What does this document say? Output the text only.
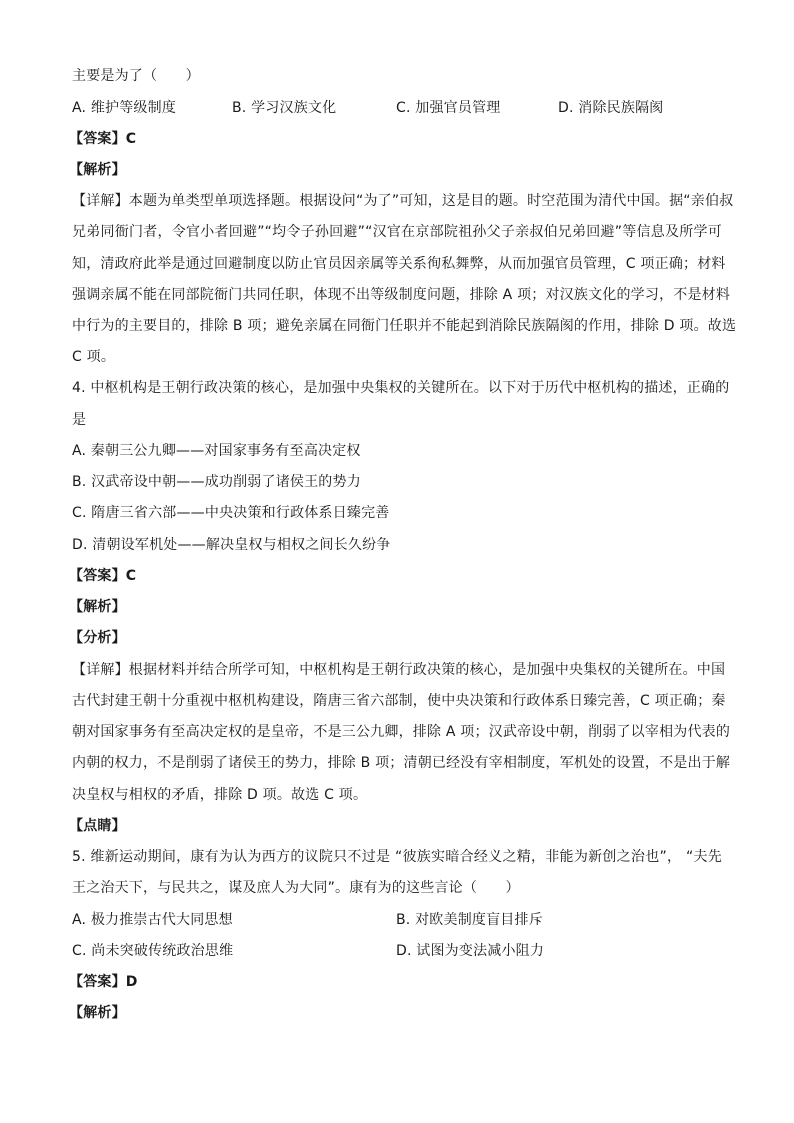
主要是为了（　　）
A. 维护等级制度	B. 学习汉族文化	C. 加强官员管理	D. 消除民族隔阂
【答案】C
【解析】
【详解】本题为单类型单项选择题。根据设问“为了”可知，这是目的题。时空范围为清代中国。据“亲伯叔
兄弟同衙门者，令官小者回避”“均令子孙回避”“汉官在京部院祖孙父子亲叔伯兄弟回避”等信息及所学可
知，清政府此举是通过回避制度以防止官员因亲属等关系徇私舞弊，从而加强官员管理，C 项正确；材料
强调亲属不能在同部院衙门共同任职，体现不出等级制度问题，排除 A 项；对汉族文化的学习，不是材料
中行为的主要目的，排除 B 项；避免亲属在同衙门任职并不能起到消除民族隔阂的作用，排除 D 项。故选
C 项。
4. 中枢机构是王朝行政决策的核心，是加强中央集权的关键所在。以下对于历代中枢机构的描述，正确的
是
A. 秦朝三公九卿——对国家事务有至高决定权
B. 汉武帝设中朝——成功削弱了诸侯王的势力
C. 隋唐三省六部——中央决策和行政体系日臻完善
D. 清朝设军机处——解决皇权与相权之间长久纷争
【答案】C
【解析】
【分析】
【详解】根据材料并结合所学可知，中枢机构是王朝行政决策的核心，是加强中央集权的关键所在。中国
古代封建王朝十分重视中枢机构建设，隋唐三省六部制，使中央决策和行政体系日臻完善，C 项正确；秦
朝对国家事务有至高决定权的是皇帝，不是三公九卿，排除 A 项；汉武帝设中朝，削弱了以宰相为代表的
内朝的权力，不是削弱了诸侯王的势力，排除 B 项；清朝已经没有宰相制度，军机处的设置，不是出于解
决皇权与相权的矛盾，排除 D 项。故选 C 项。
【点睛】
5. 维新运动期间，康有为认为西方的议院只不过是 “彼族实暗合经义之精，非能为新创之治也”， “夫先
王之治天下，与民共之，谋及庶人为大同”。康有为的这些言论（　　）
A. 极力推崇古代大同思想	B. 对欧美制度盲目排斥
C. 尚未突破传统政治思维	D. 试图为变法减小阻力
【答案】D
【解析】
